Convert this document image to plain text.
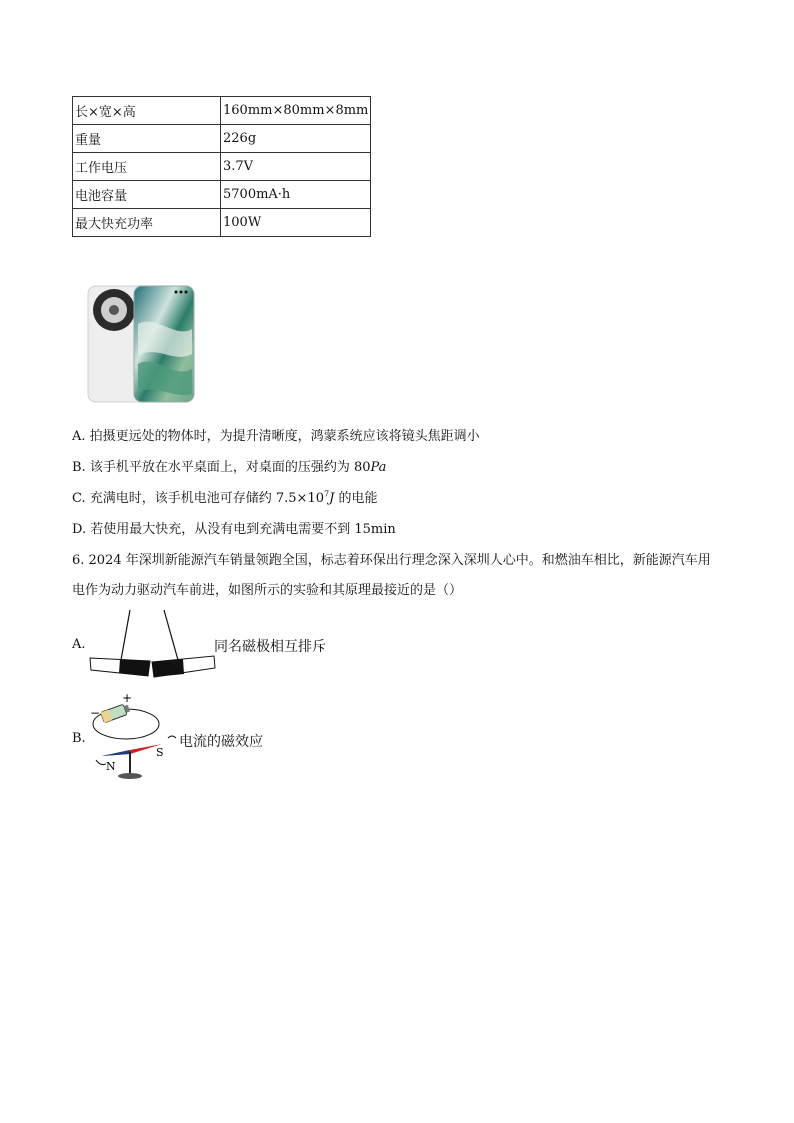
长×宽×高	160mm×80mm×8mm
重量	226g
工作电压	3.7V
电池容量	5700mA·h
最大快充功率	100W
A. 拍摄更远处的物体时，为提升清晰度，鸿蒙系统应该将镜头焦距调小
B. 该手机平放在水平桌面上，对桌面的压强约为 80Pa
C. 充满电时，该手机电池可存储约 $7.5\times 10^7J$ 的电能
D. 若使用最大快充，从没有电到充满电需要不到 15min
6. 2024 年深圳新能源汽车销量领跑全国，标志着环保出行理念深入深圳人心中。和燃油车相比，新能源汽车用电作为动力驱动汽车前进，如图所示的实验和其原理最接近的是（）
A.	同名磁极相互排斥
B.
+
−
N
S
电流的磁效应
